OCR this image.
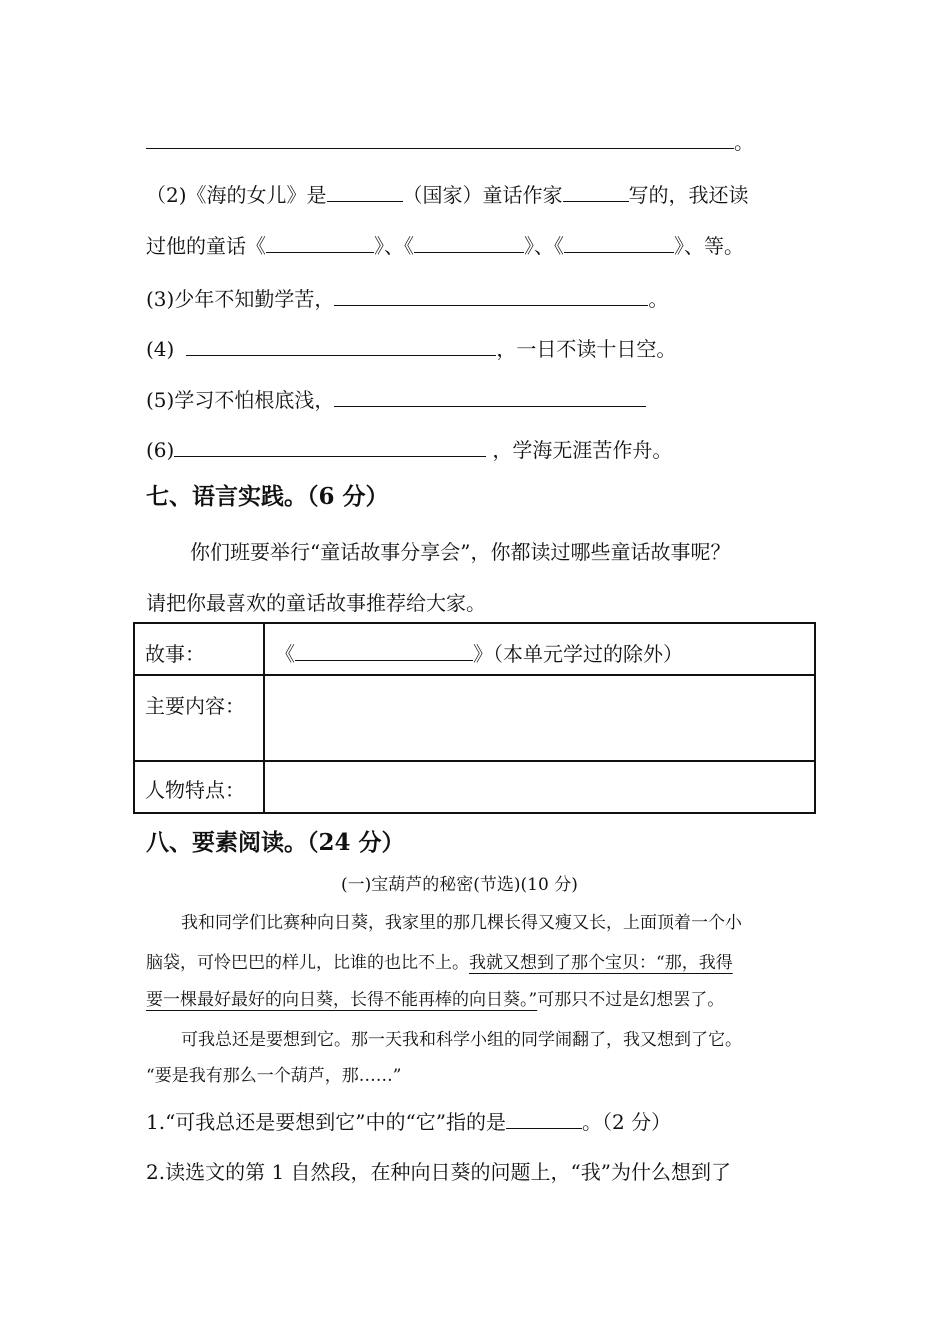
。
（2)《海的女儿》是	（国家）童话作家	写的，我还读
过他的童话《	》、《	》、《	》、等。
(3)少年不知勤学苦，	。
(4)	，一日不读十日空。
(5)学习不怕根底浅，
(6)	，学海无涯苦作舟。
七、语言实践。（6 分）
你们班要举行“童话故事分享会”，你都读过哪些童话故事呢？
请把你最喜欢的童话故事推荐给大家。
故事：	《 》（本单元学过的除外）
主要内容：	
人物特点：	
八、要素阅读。（24 分）
(一)宝葫芦的秘密(节选)(10 分)
我和同学们比赛种向日葵，我家里的那几棵长得又瘦又长，上面顶着一个小
脑袋，可怜巴巴的样儿，比谁的也比不上。我就又想到了那个宝贝：“那，我得
要一棵最好最好的向日葵，长得不能再棒的向日葵。”可那只不过是幻想罢了。
可我总还是要想到它。那一天我和科学小组的同学闹翻了，我又想到了它。
“要是我有那么一个葫芦，那……”
1.“可我总还是要想到它”中的“它”指的是	。（2 分）
2.读选文的第 1 自然段，在种向日葵的问题上，“我”为什么想到了
